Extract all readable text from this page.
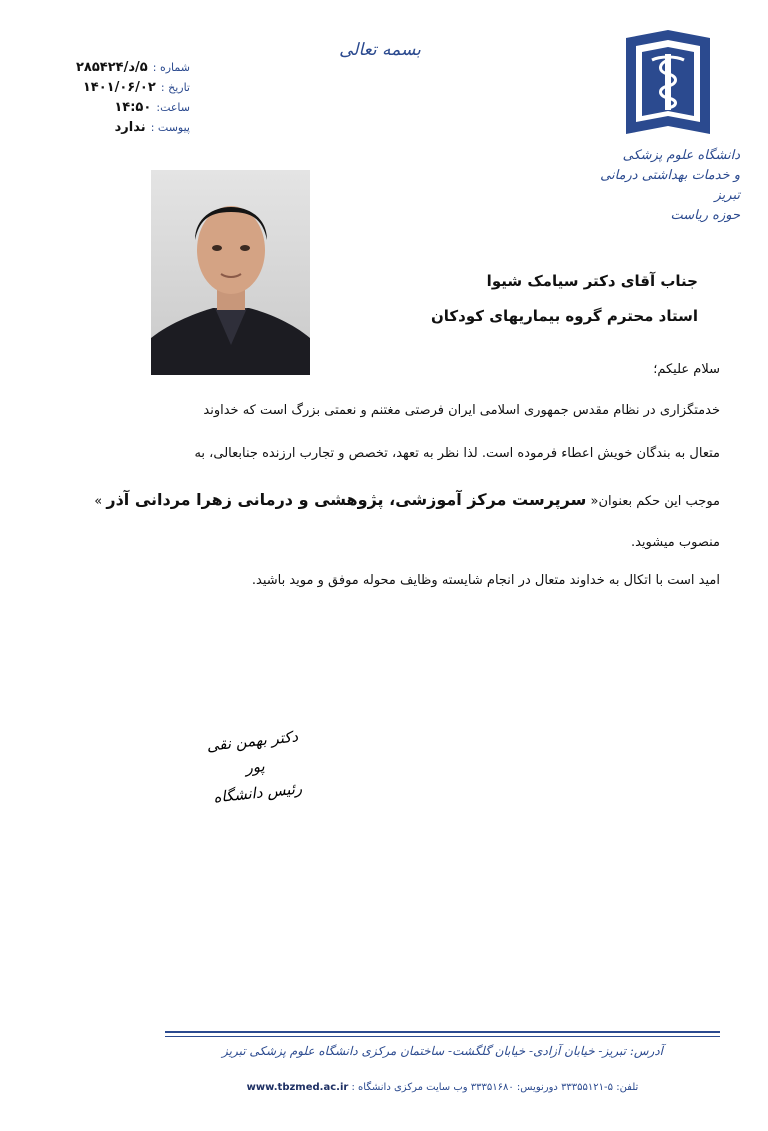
بسمه تعالی
شماره : ۵/د/۲۸۵۴۲۴
تاریخ : ۱۴۰۱/۰۶/۰۲
ساعت: ۱۴:۵۰
پیوست : ندارد
دانشگاه علوم پزشکی
و خدمات بهداشتی درمانی تبریز
حوزه ریاست
جناب آقای دکتر سیامک شیوا
استاد محترم گروه بیماریهای کودکان
سلام علیکم؛
خدمتگزاری در نظام مقدس جمهوری اسلامی ایران فرصتی مغتنم و نعمتی بزرگ است که خداوند
متعال به بندگان خویش اعطاء فرموده است. لذا نظر به تعهد، تخصص و تجارب ارزنده جنابعالی، به
موجب این حکم بعنوان« سرپرست مرکز آموزشی، پژوهشی و درمانی زهرا مردانی آذر »
منصوب میشوید.
امید است با اتکال به خداوند متعال در انجام شایسته وظایف محوله موفق و موید باشید.
دکتر بهمن نقی پور
رئیس دانشگاه
آدرس: تبریز- خیابان آزادی- خیابان گلگشت- ساختمان مرکزی دانشگاه علوم پزشکی تبریز
تلفن: ۵-۳۳۳۵۵۱۲۱ دورنویس: ۳۳۳۵۱۶۸۰ وب سایت مرکزی دانشگاه : www.tbzmed.ac.ir
